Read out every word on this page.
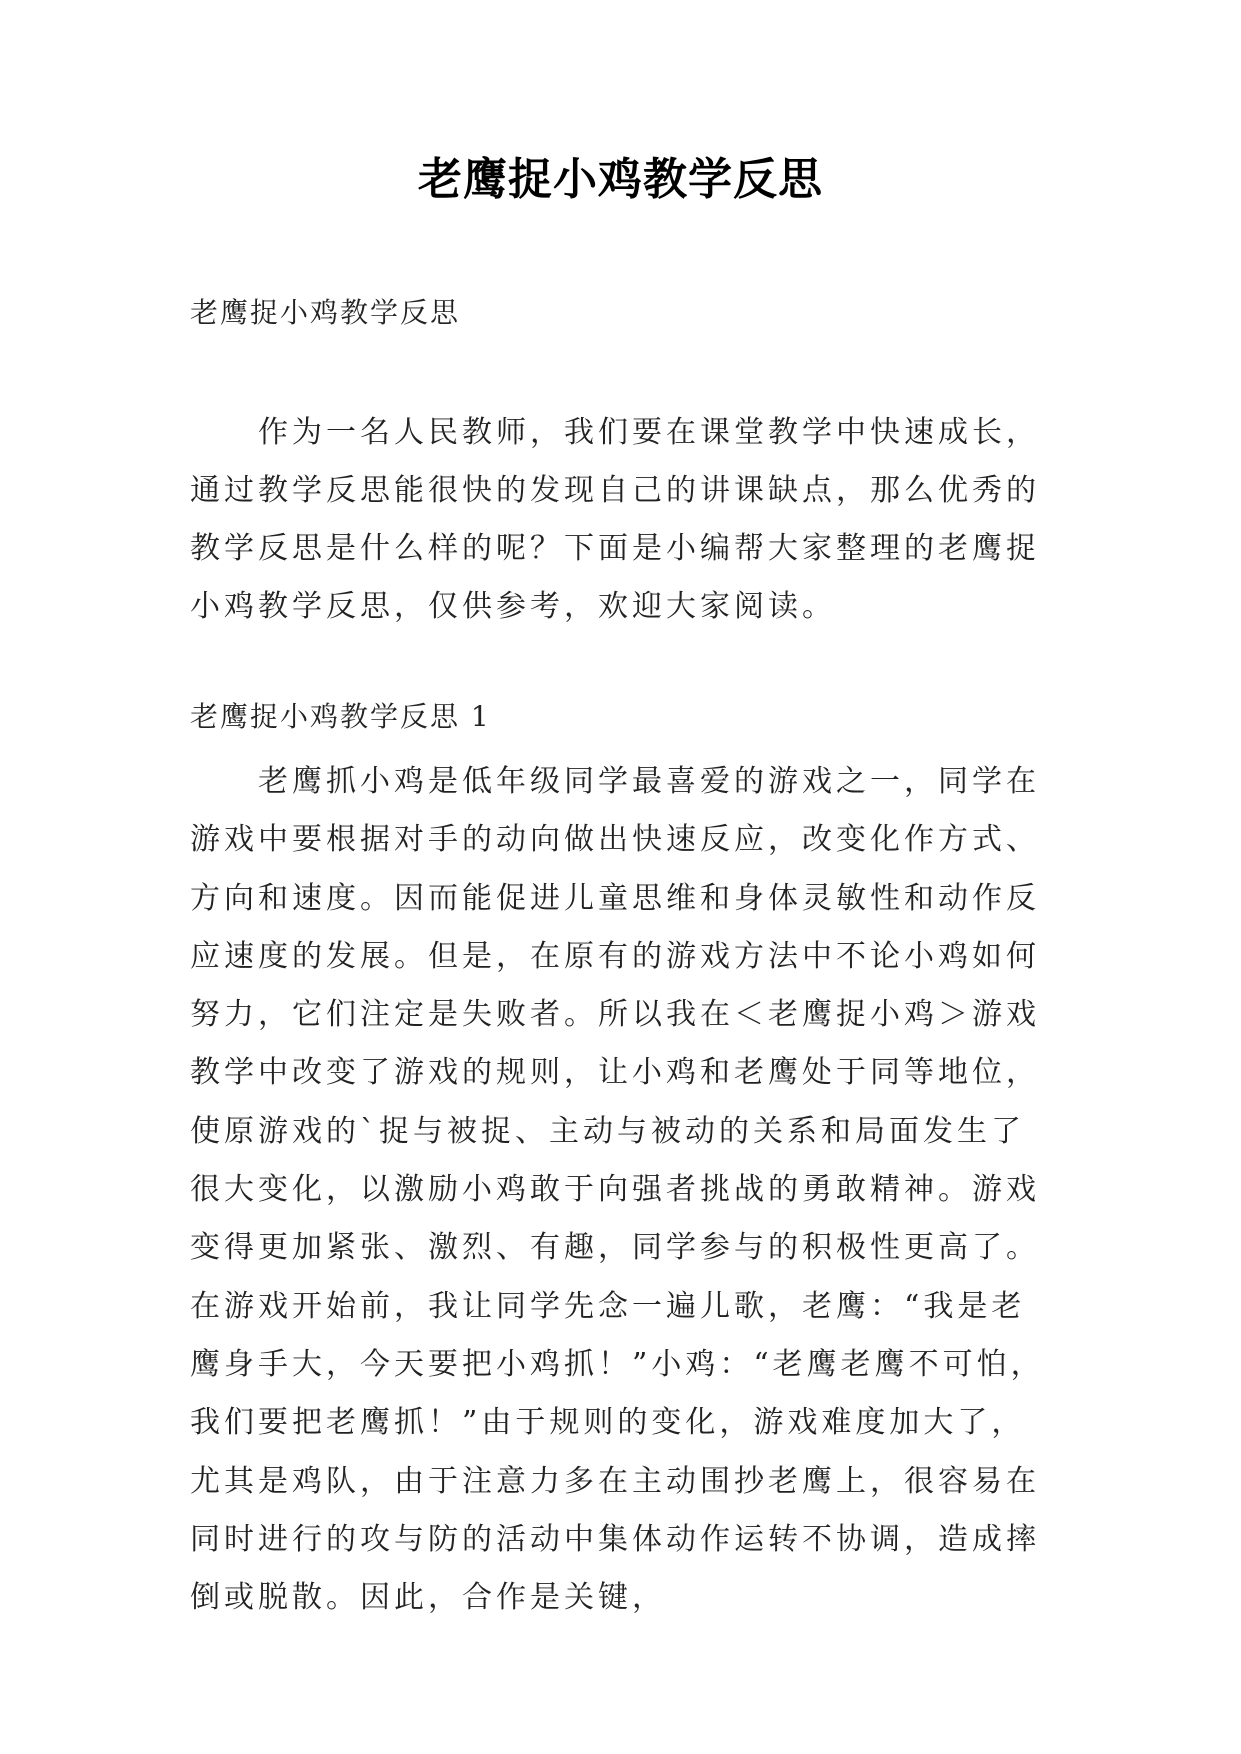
老鹰捉小鸡教学反思
老鹰捉小鸡教学反思

作为一名人民教师，我们要在课堂教学中快速成长，通过教学反思能很快的发现自己的讲课缺点，那么优秀的教学反思是什么样的呢？下面是小编帮大家整理的老鹰捉小鸡教学反思，仅供参考，欢迎大家阅读。

老鹰捉小鸡教学反思 1

老鹰抓小鸡是低年级同学最喜爱的游戏之一，同学在游戏中要根据对手的动向做出快速反应，改变化作方式、方向和速度。因而能促进儿童思维和身体灵敏性和动作反应速度的发展。但是，在原有的游戏方法中不论小鸡如何努力，它们注定是失败者。所以我在＜老鹰捉小鸡＞游戏教学中改变了游戏的规则，让小鸡和老鹰处于同等地位，使原游戏的`捉与被捉、主动与被动的关系和局面发生了很大变化，以激励小鸡敢于向强者挑战的勇敢精神。游戏变得更加紧张、激烈、有趣，同学参与的积极性更高了。在游戏开始前，我让同学先念一遍儿歌，老鹰：“我是老鹰身手大，今天要把小鸡抓！”小鸡：“老鹰老鹰不可怕，我们要把老鹰抓！”由于规则的变化，游戏难度加大了，尤其是鸡队，由于注意力多在主动围抄老鹰上，很容易在同时进行的攻与防的活动中集体动作运转不协调，造成摔倒或脱散。因此，合作是关键，
